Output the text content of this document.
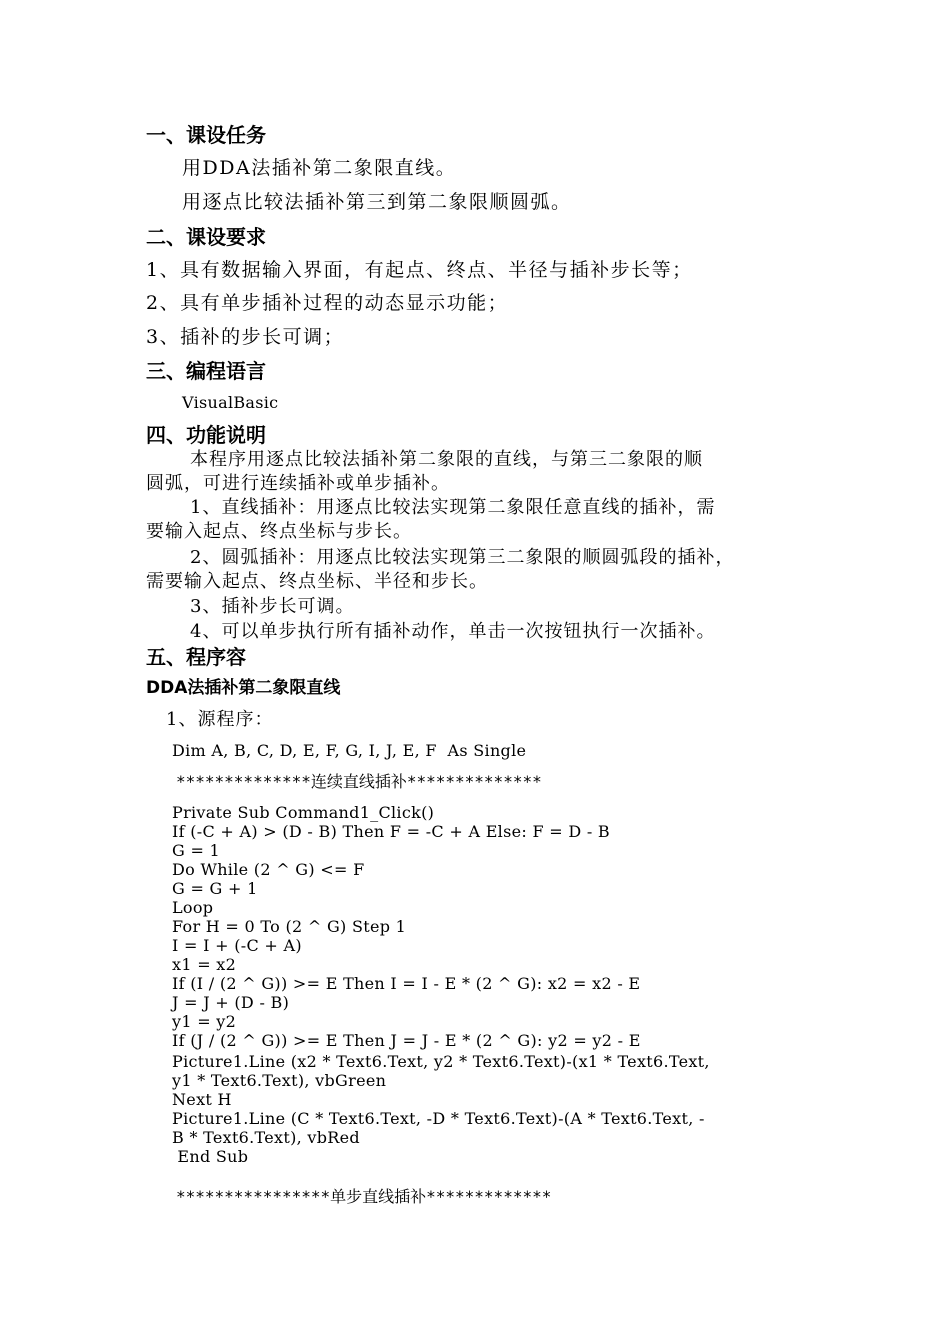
一、课设任务
用DDA法插补第二象限直线。
用逐点比较法插补第三到第二象限顺圆弧。
二、课设要求
1、具有数据输入界面，有起点、终点、半径与插补步长等；
2、具有单步插补过程的动态显示功能；
3、插补的步长可调；
三、编程语言
VisualBasic
四、功能说明
本程序用逐点比较法插补第二象限的直线，与第三二象限的顺
圆弧，可进行连续插补或单步插补。
1、直线插补：用逐点比较法实现第二象限任意直线的插补，需
要输入起点、终点坐标与步长。
2、圆弧插补：用逐点比较法实现第三二象限的顺圆弧段的插补，
需要输入起点、终点坐标、半径和步长。
3、插补步长可调。
4、可以单步执行所有插补动作，单击一次按钮执行一次插补。
五、程序容
DDA法插补第二象限直线
1、源程序：
Dim A, B, C, D, E, F, G, I, J, E, F  As Single
**************连续直线插补**************
Private Sub Command1_Click()
If (-C + A) > (D - B) Then F = -C + A Else: F = D - B
G = 1
Do While (2 ^ G) <= F
G = G + 1
Loop
For H = 0 To (2 ^ G) Step 1
I = I + (-C + A)
x1 = x2
If (I / (2 ^ G)) >= E Then I = I - E * (2 ^ G): x2 = x2 - E
J = J + (D - B)
y1 = y2
If (J / (2 ^ G)) >= E Then J = J - E * (2 ^ G): y2 = y2 - E
Picture1.Line (x2 * Text6.Text, y2 * Text6.Text)-(x1 * Text6.Text,
y1 * Text6.Text), vbGreen
Next H
Picture1.Line (C * Text6.Text, -D * Text6.Text)-(A * Text6.Text, -
B * Text6.Text), vbRed
End Sub
****************单步直线插补*************
